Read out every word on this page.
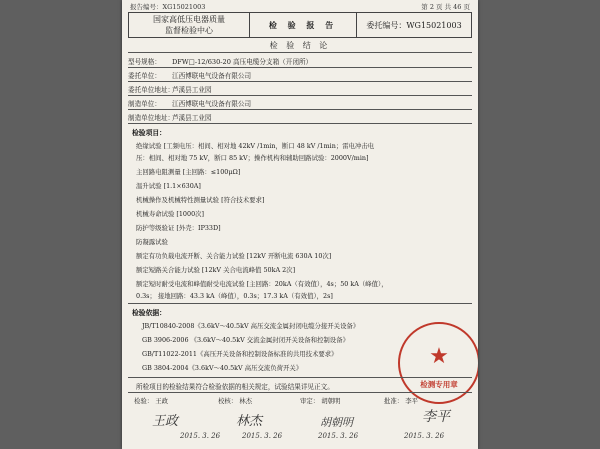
报告编号：XG15021003	第 2 页 共 46 页
国家高低压电器质量
监督检验中心	检 验 报 告	委托编号：WG15021003
检 验 结 论
型号规格： DFW□-12/630-20 高压电缆分支箱（开闭所）
委托单位： 江西博联电气设备有限公司
委托单位地址：芦溪县工业园
制造单位： 江西博联电气设备有限公司
制造单位地址：芦溪县工业园
检验项目：
绝缘试验 [工频电压：相间、相对地 42kV /1min，断口 48 kV /1min；雷电冲击电
压：相间、相对地 75 kV，断口 85 kV；操作机构和辅助回路试验：2000V/min]
主回路电阻测量 [主回路：≤100μΩ]
温升试验 [1.1×630A]
机械操作及机械特性测量试验 [符合技术要求]
机械寿命试验 [1000次]
防护等级验证 [外壳：IP33D]
防凝露试验
额定有功负载电流开断、关合能力试验 [12kV 开断电流 630A 10次]
额定短路关合能力试验 [12kV 关合电流峰值 50kA 2次]
额定短时耐受电流和峰值耐受电流试验 [主回路：20kA（有效值），4s；50 kA（峰值），
0.3s； 接地回路：43.3 kA（峰值），0.3s；17.3 kA（有效值），2s]
检验依据：
JB/T10840-2008《3.6kV～40.5kV 高压交流金属封闭电缆分接开关设备》
GB 3906-2006 《3.6kV～40.5kV 交流金属封闭开关设备和控制设备》
GB/T11022-2011《高压开关设备和控制设备标准的共用技术要求》
GB 3804-2004《3.6kV～40.5kV 高压交流负荷开关》	★
检测专用章
所检项目的检验结果符合检验依据的相关规定，试验结果详见正文。
检验： 王政	校核： 林杰	审定： 胡朝明	批准： 李平
王政
2015. 3. 26
林杰
2015. 3. 26
胡朝明
2015. 3. 26
李平
2015. 3. 26
